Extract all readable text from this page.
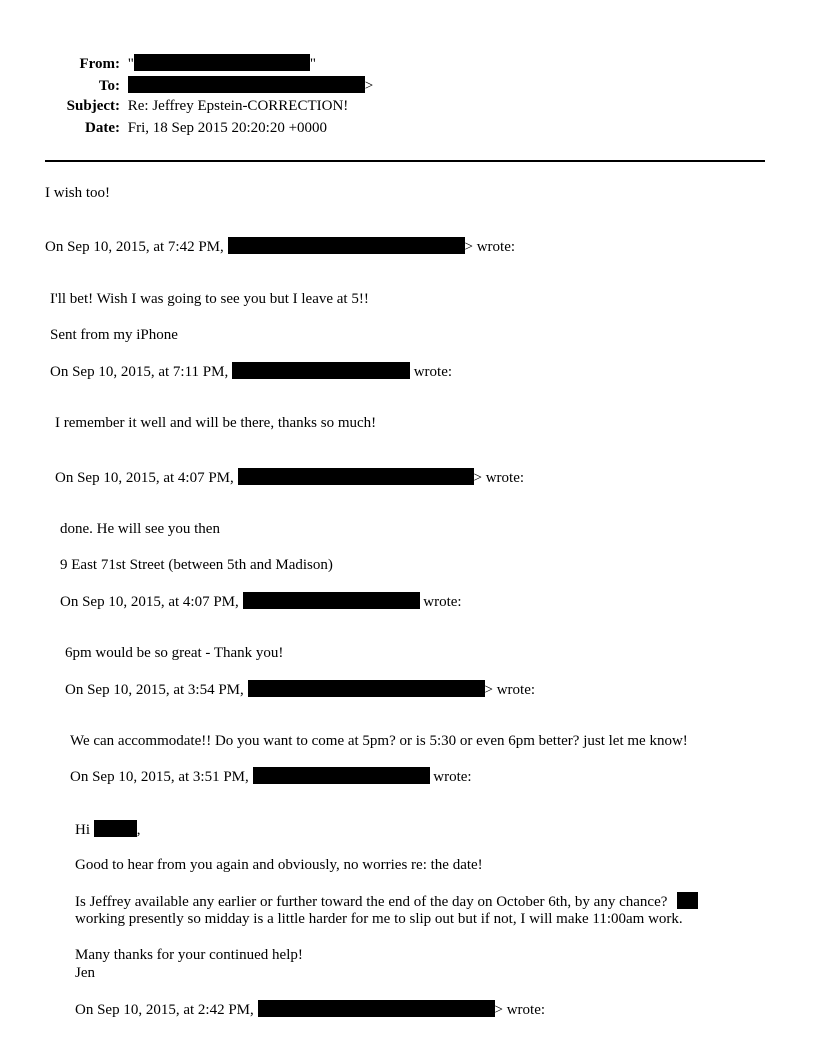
From: "	"
To:	>
Subject: Re: Jeffrey Epstein-CORRECTION!
Date: Fri, 18 Sep 2015 20:20:20 +0000
I wish too!
On Sep 10, 2015, at 7:42 PM,	> wrote:
I'll bet! Wish I was going to see you but I leave at 5!!
Sent from my iPhone
On Sep 10, 2015, at 7:11 PM,	wrote:
I remember it well and will be there, thanks so much!
On Sep 10, 2015, at 4:07 PM,	> wrote:
done. He will see you then
9 East 71st Street (between 5th and Madison)
On Sep 10, 2015, at 4:07 PM,	wrote:
6pm would be so great - Thank you!
On Sep 10, 2015, at 3:54 PM,	> wrote:
We can accommodate!! Do you want to come at 5pm? or is 5:30 or even 6pm better? just let me know!
On Sep 10, 2015, at 3:51 PM,	wrote:
Hi	,
Good to hear from you again and obviously, no worries re: the date!
Is Jeffrey available any earlier or further toward the end of the day on October 6th, by any chance?
working presently so midday is a little harder for me to slip out but if not, I will make 11:00am work.
Many thanks for your continued help!
Jen
On Sep 10, 2015, at 2:42 PM,	> wrote:
